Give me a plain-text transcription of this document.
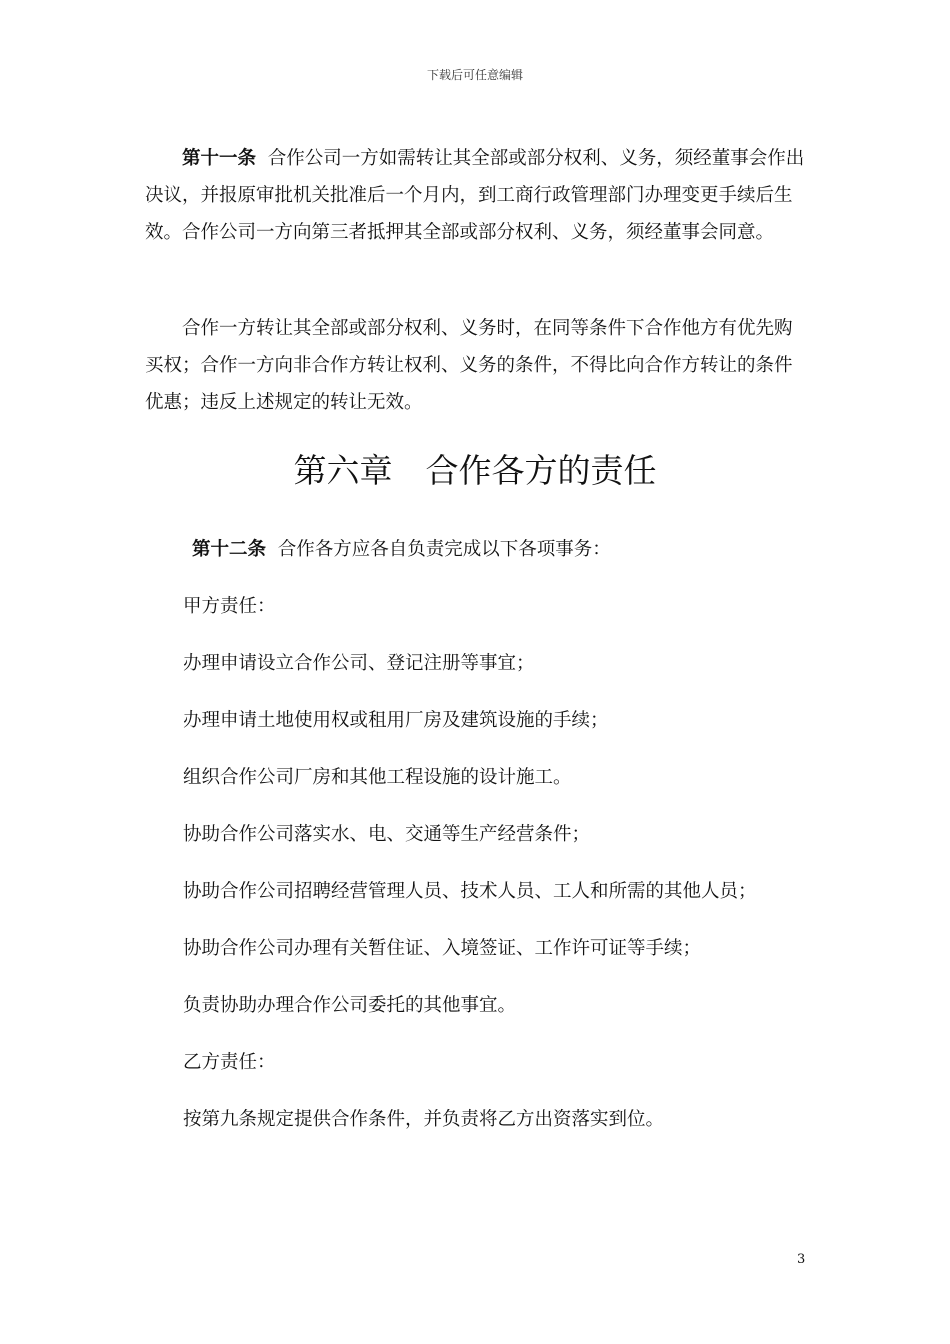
下载后可任意编辑

第十一条 合作公司一方如需转让其全部或部分权利、义务，须经董事会作出决议，并报原审批机关批准后一个月内，到工商行政管理部门办理变更手续后生效。合作公司一方向第三者抵押其全部或部分权利、义务，须经董事会同意。

合作一方转让其全部或部分权利、义务时，在同等条件下合作他方有优先购买权；合作一方向非合作方转让权利、义务的条件，不得比向合作方转让的条件优惠；违反上述规定的转让无效。

第六章　合作各方的责任
第十二条 合作各方应各自负责完成以下各项事务：
甲方责任：
办理申请设立合作公司、登记注册等事宜；
办理申请土地使用权或租用厂房及建筑设施的手续；
组织合作公司厂房和其他工程设施的设计施工。
协助合作公司落实水、电、交通等生产经营条件；
协助合作公司招聘经营管理人员、技术人员、工人和所需的其他人员；
协助合作公司办理有关暂住证、入境签证、工作许可证等手续；
负责协助办理合作公司委托的其他事宜。
乙方责任：
按第九条规定提供合作条件，并负责将乙方出资落实到位。
3
